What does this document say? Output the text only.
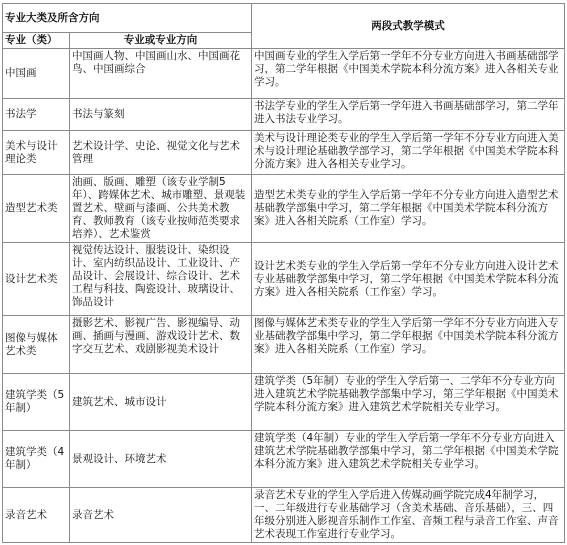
专业大类及所含方向		两段式教学模式
专业（类）	专业或专业方向	
中国画	中国画人物、中国画山水、中国画花鸟、中国画综合	中国画专业的学生入学后第一学年不分专业方向进入书画基础部学习，第二学年根据《中国美术学院本科分流方案》进入各相关专业学习。
书法学	书法与篆刻	书法学专业的学生入学后第一学年进入书画基础部学习，第二学年进入书法专业学习。
美术与设计理论类	艺术设计学、史论、视觉文化与艺术管理	美术与设计理论类专业的学生入学后第一学年不分专业方向进入美术与设计理论基础教学部学习，第二学年根据《中国美术学院本科分流方案》进入各相关专业学习。
造型艺术类	油画、版画、雕塑（该专业学制5年）、跨媒体艺术、城市雕塑、景观装置艺术、壁画与漆画、公共美术教育、教师教育（该专业按师范类要求培养）、艺术鉴赏	造型艺术类专业的学生入学后第一学年不分专业方向进入造型艺术基础教学部集中学习，第二学年根据《中国美术学院本科分流方案》进入各相关院系（工作室）学习。
设计艺术类	视觉传达设计、服装设计、染织设计、室内纺织品设计、工业设计、产品设计、会展设计、综合设计、艺术工程与科技、陶瓷设计、玻璃设计、饰品设计	设计艺术类专业的学生入学后第一学年不分专业方向进入设计艺术专业基础教学部集中学习，第二学年根据《中国美术学院本科分流方案》进入各相关院系（工作室）学习。
图像与媒体艺术类	摄影艺术、影视广告、影视编导、动画、插画与漫画、游戏设计艺术、数字交互艺术、戏剧影视美术设计	图像与媒体艺术类专业的学生入学后第一学年不分专业方向进入专业基础教学部集中学习，第二学年根据《中国美术学院本科分流方案》进入各相关院系（工作室）学习。
建筑学类（5年制）	建筑艺术、城市设计	建筑学类（5年制）专业的学生入学后第一、二学年不分专业方向进入建筑艺术学院基础教学部集中学习，第三学年根据《中国美术学院本科分流方案》进入建筑艺术学院相关专业学习。
建筑学类（4年制）	景观设计、环境艺术	建筑学类（4年制）专业的学生入学后第一学年不分专业方向进入建筑艺术学院基础教学部集中学习，第二学年根据《中国美术学院本科分流方案》进入建筑艺术学院相关专业学习。
录音艺术	录音艺术	录音艺术专业的学生入学后进入传媒动画学院完成4年制学习，一、二年级进行专业基础学习（含美术基础、音乐基础），三、四年级分别进入影视音乐制作工作室、音频工程与录音工作室、声音艺术表现工作室进行专业学习。
